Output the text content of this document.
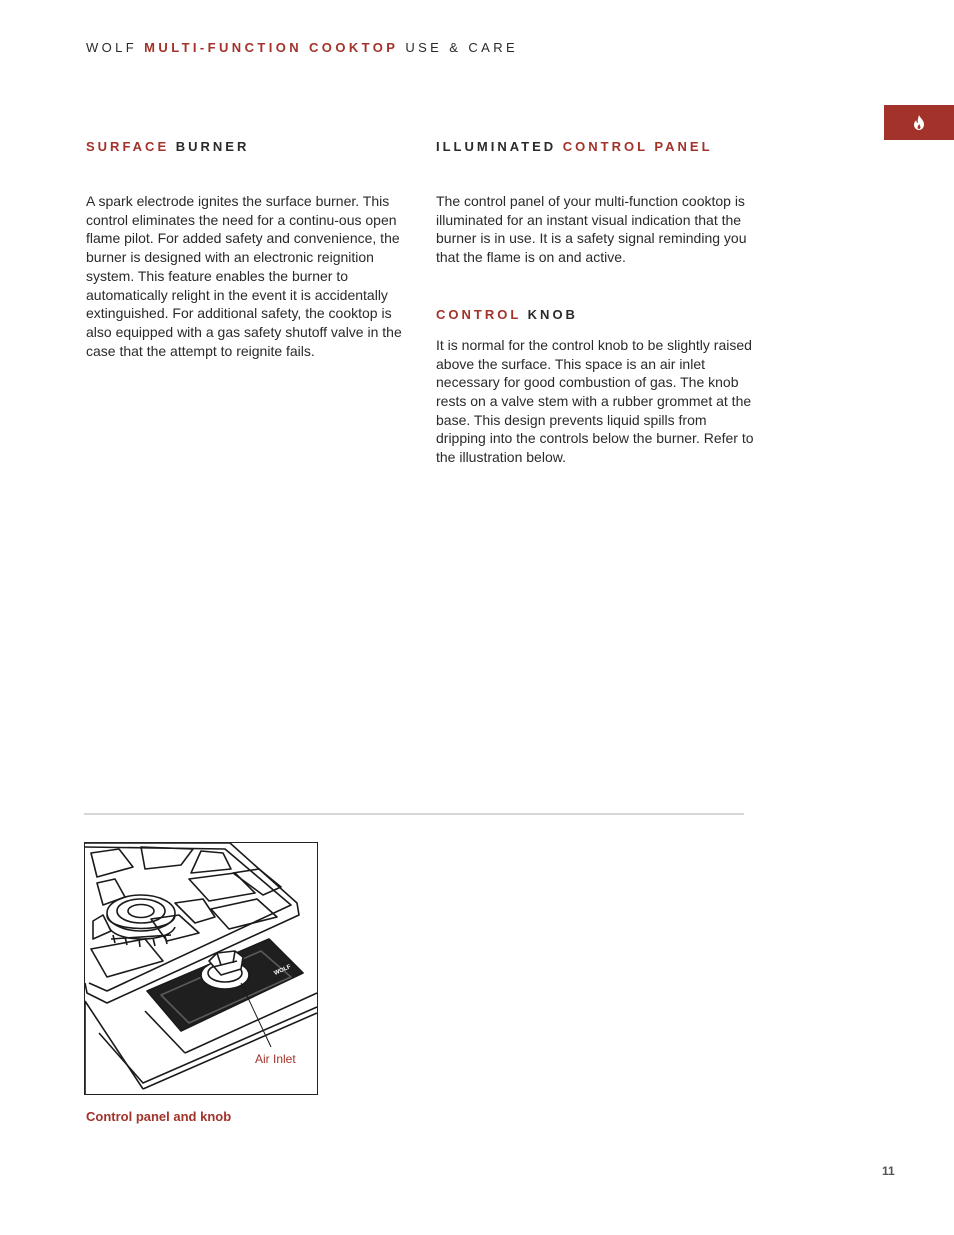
WOLF MULTI-FUNCTION COOKTOP USE & CARE
SURFACE BURNER

A spark electrode ignites the surface burner. This control eliminates the need for a continu-ous open flame pilot. For added safety and convenience, the burner is designed with an electronic reignition system. This feature enables the burner to automatically relight in the event it is accidentally extinguished. For additional safety, the cooktop is also equipped with a gas safety shutoff valve in the case that the attempt to reignite fails.

ILLUMINATED CONTROL PANEL

The control panel of your multi-function cooktop is illuminated for an instant visual indication that the burner is in use. It is a safety signal reminding you that the flame is on and active.

CONTROL KNOB

It is normal for the control knob to be slightly raised above the surface. This space is an air inlet necessary for good combustion of gas. The knob rests on a valve stem with a rubber grommet at the base. This design prevents liquid spills from dripping into the controls below the burner. Refer to the illustration below.

WOLF
Air Inlet
Control panel and knob
11
